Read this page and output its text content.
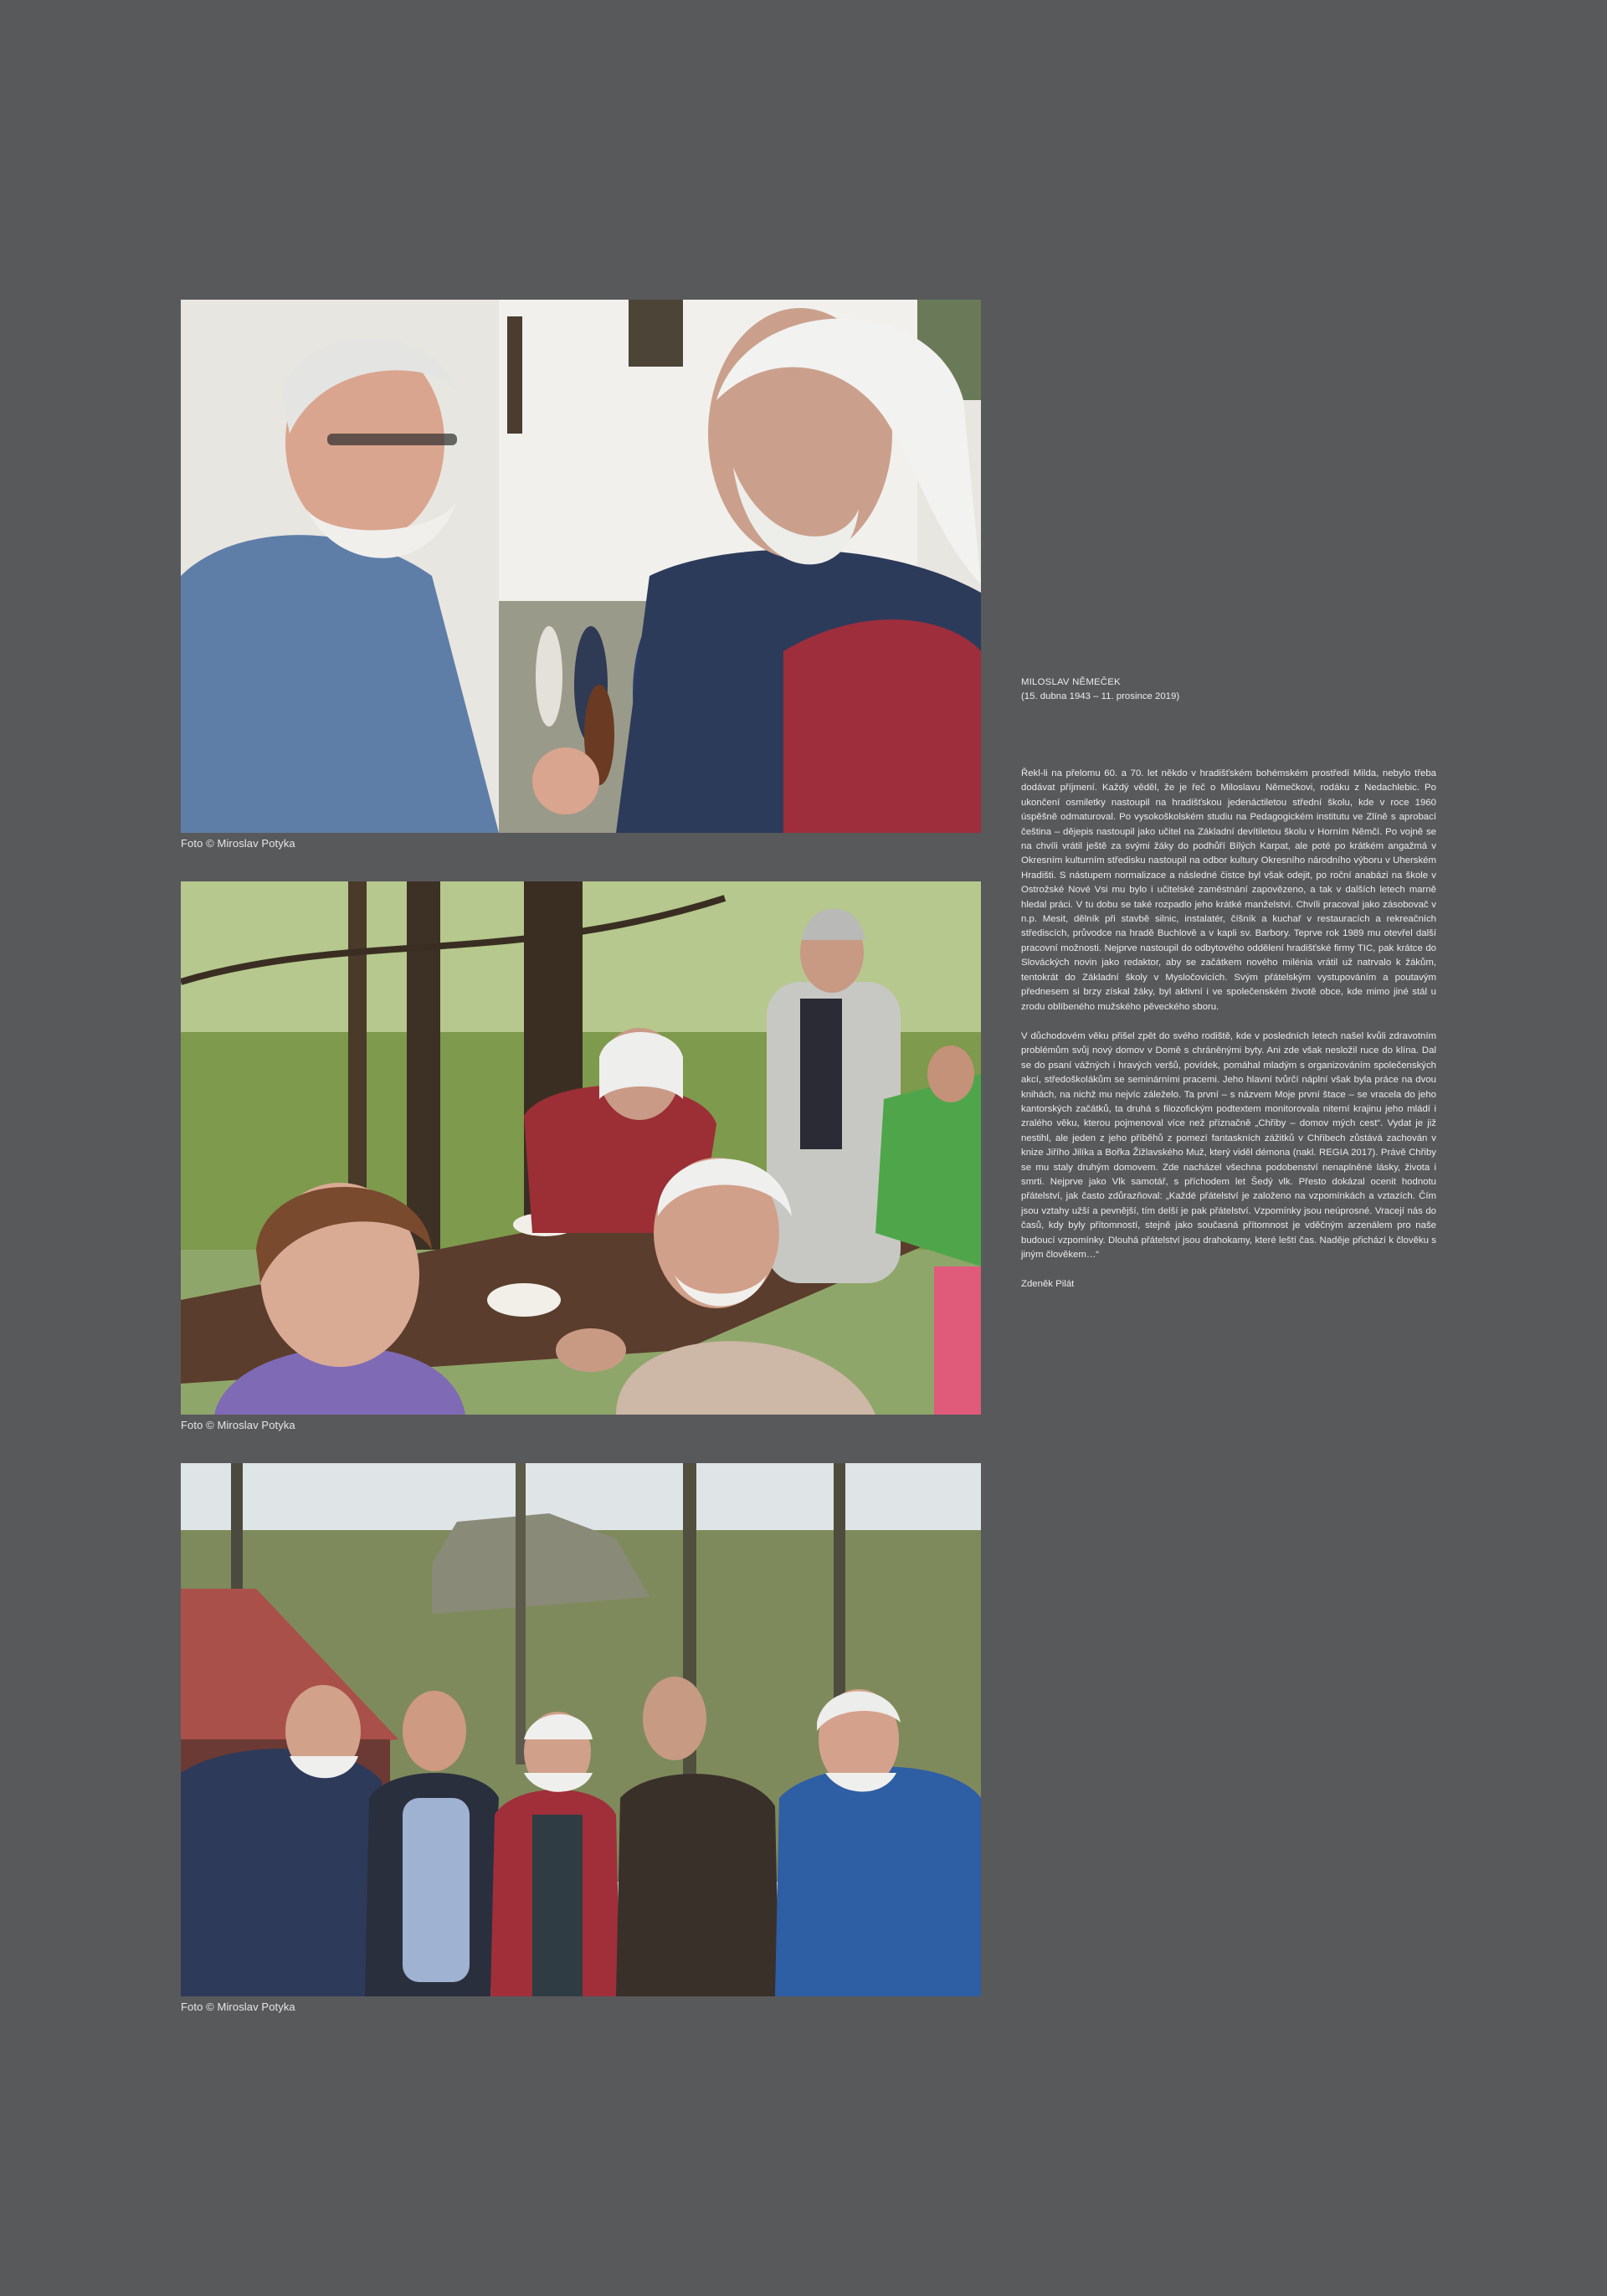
Foto © Miroslav Potyka
Foto © Miroslav Potyka
Foto © Miroslav Potyka
MILOSLAV NĚMEČEK
(15. dubna 1943 – 11. prosince 2019)

Řekl-li na přelomu 60. a 70. let někdo v hradišťském bohémském prostředí Milda, nebylo třeba dodávat příjmení. Každý věděl, že je řeč o Miloslavu Němečkovi, rodáku z Nedachlebic. Po ukončení osmiletky nastoupil na hradišťskou jedenáctiletou střední školu, kde v roce 1960 úspěšně odmaturoval. Po vysokoškolském studiu na Pedagogickém institutu ve Zlíně s aprobací čeština – dějepis nastoupil jako učitel na Základní devítiletou školu v Horním Němčí. Po vojně se na chvíli vrátil ještě za svými žáky do podhůří Bílých Karpat, ale poté po krátkém angažmá v Okresním kulturním středisku nastoupil na odbor kultury Okresního národního výboru v Uherském Hradišti. S nástupem normalizace a následné čistce byl však odejit, po roční anabázi na škole v Ostrožské Nové Vsi mu bylo i učitelské zaměstnání zapovězeno, a tak v dalších letech marně hledal práci. V tu dobu se také rozpadlo jeho krátké manželství. Chvíli pracoval jako zásobovač v n.p. Mesit, dělník při stavbě silnic, instalatér, číšník a kuchař v restauracích a rekreačních střediscích, průvodce na hradě Buchlově a v kapli sv. Barbory. Teprve rok 1989 mu otevřel další pracovní možnosti. Nejprve nastoupil do odbytového oddělení hradišťské firmy TIC, pak krátce do Slováckých novin jako redaktor, aby se začátkem nového milénia vrátil už natrvalo k žákům, tentokrát do Základní školy v Mysločovicích. Svým přátelským vystupováním a poutavým přednesem si brzy získal žáky, byl aktivní i ve společenském životě obce, kde mimo jiné stál u zrodu oblíbeného mužského pěveckého sboru.

V důchodovém věku přišel zpět do svého rodiště, kde v posledních letech našel kvůli zdravotním problémům svůj nový domov v Domě s chráněnými byty. Ani zde však nesložil ruce do klína. Dal se do psaní vážných i hravých veršů, povídek, pomáhal mladým s organizováním společenských akcí, středoškolákům se seminárními pracemi. Jeho hlavní tvůrčí náplní však byla práce na dvou knihách, na nichž mu nejvíc záleželo. Ta první – s názvem Moje první štace – se vracela do jeho kantorských začátků, ta druhá s filozofickým podtextem monitorovala niterní krajinu jeho mládí i zralého věku, kterou pojmenoval více než příznačně „Chřiby – domov mých cest“. Vydat je již nestihl, ale jeden z jeho příběhů z pomezí fantaskních zážitků v Chřibech zůstává zachován v knize Jiřího Jilíka a Bořka Žižlavského Muž, který viděl démona (nakl. REGIA 2017). Právě Chřiby se mu staly druhým domovem. Zde nacházel všechna podobenství nenaplněné lásky, života i smrti. Nejprve jako Vlk samotář, s příchodem let Šedý vlk. Přesto dokázal ocenit hodnotu přátelství, jak často zdůrazňoval: „Každé přátelství je založeno na vzpomínkách a vztazích. Čím jsou vztahy užší a pevnější, tím delší je pak přátelství. Vzpomínky jsou neúprosné. Vracejí nás do časů, kdy byly přítomností, stejně jako současná přítomnost je vděčným arzenálem pro naše budoucí vzpomínky. Dlouhá přátelství jsou drahokamy, které leští čas. Naděje přichází k člověku s jiným člověkem…“

Zdeněk Pilát
